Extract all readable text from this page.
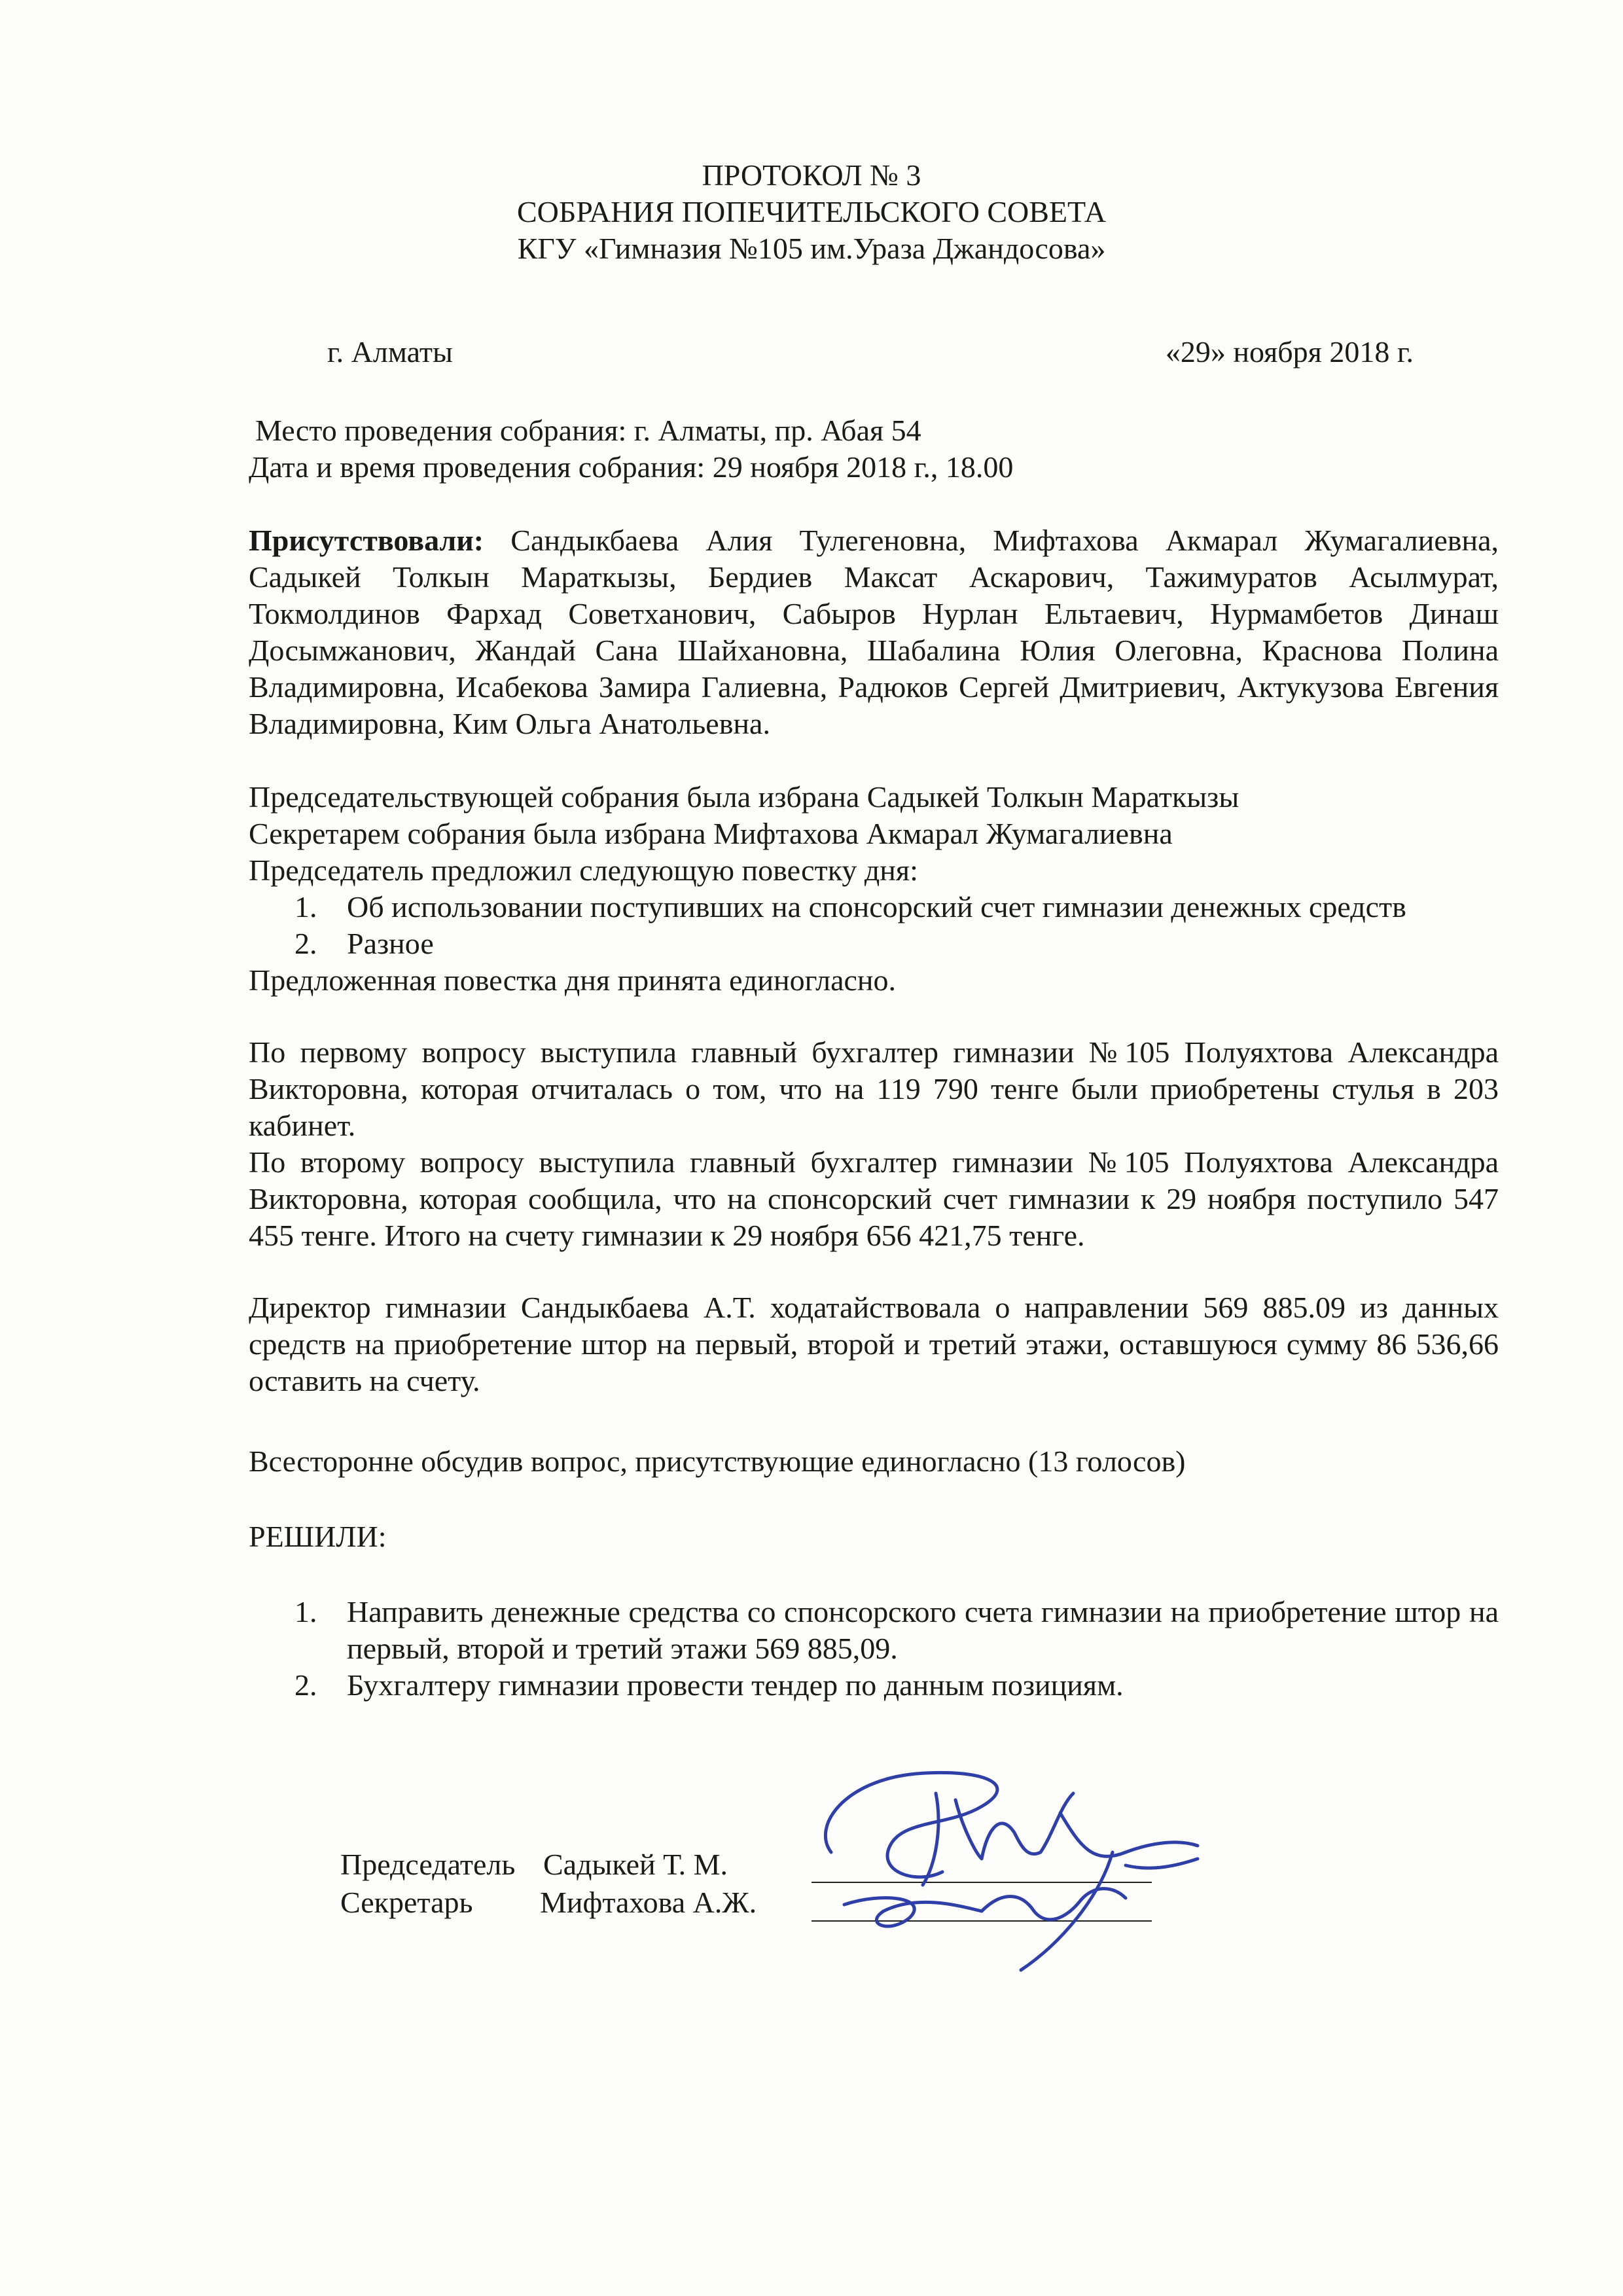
ПРОТОКОЛ № 3
СОБРАНИЯ ПОПЕЧИТЕЛЬСКОГО СОВЕТА
КГУ «Гимназия №105 им.Ураза Джандосова»
г. Алматы	«29» ноября 2018 г.

Место проведения собрания: г. Алматы, пр. Абая 54

Дата и время проведения собрания: 29 ноября 2018 г., 18.00

Присутствовали: Сандыкбаева Алия Тулегеновна, Мифтахова Акмарал Жумагалиевна, Садыкей Толкын Мараткызы, Бердиев Максат Аскарович, Тажимуратов Асылмурат, Токмолдинов Фархад Советханович, Сабыров Нурлан Ельтаевич, Нурмамбетов Динаш Досымжанович, Жандай Сана Шайхановна, Шабалина Юлия Олеговна, Краснова Полина Владимировна, Исабекова Замира Галиевна, Радюков Сергей Дмитриевич, Актукузова Евгения Владимировна, Ким Ольга Анатольевна.

Председательствующей собрания была избрана Садыкей Толкын Мараткызы

Секретарем собрания была избрана Мифтахова Акмарал Жумагалиевна

Председатель предложил следующую повестку дня:

1. Об использовании поступивших на спонсорский счет гимназии денежных средств
2. Разное

Предложенная повестка дня принята единогласно.

По первому вопросу выступила главный бухгалтер гимназии №105 Полуяхтова Александра Викторовна, которая отчиталась о том, что на 119 790 тенге были приобретены стулья в 203 кабинет.
По второму вопросу выступила главный бухгалтер гимназии №105 Полуяхтова Александра Викторовна, которая сообщила, что на спонсорский счет гимназии к 29 ноября поступило 547 455 тенге. Итого на счету гимназии к 29 ноября 656 421,75 тенге.
Директор гимназии Сандыкбаева А.Т. ходатайствовала о направлении 569 885.09 из данных средств на приобретение штор на первый, второй и третий этажи, оставшуюся сумму 86 536,66 оставить на счету.
Всесторонне обсудив вопрос, присутствующие единогласно (13 голосов)
РЕШИЛИ:
1. Направить денежные средства со спонсорского счета гимназии на приобретение штор на первый, второй и третий этажи 569 885,09.
2. Бухгалтеру гимназии провести тендер по данным позициям.
Председатель Садыкей Т. М.
Секретарь Мифтахова А.Ж.
